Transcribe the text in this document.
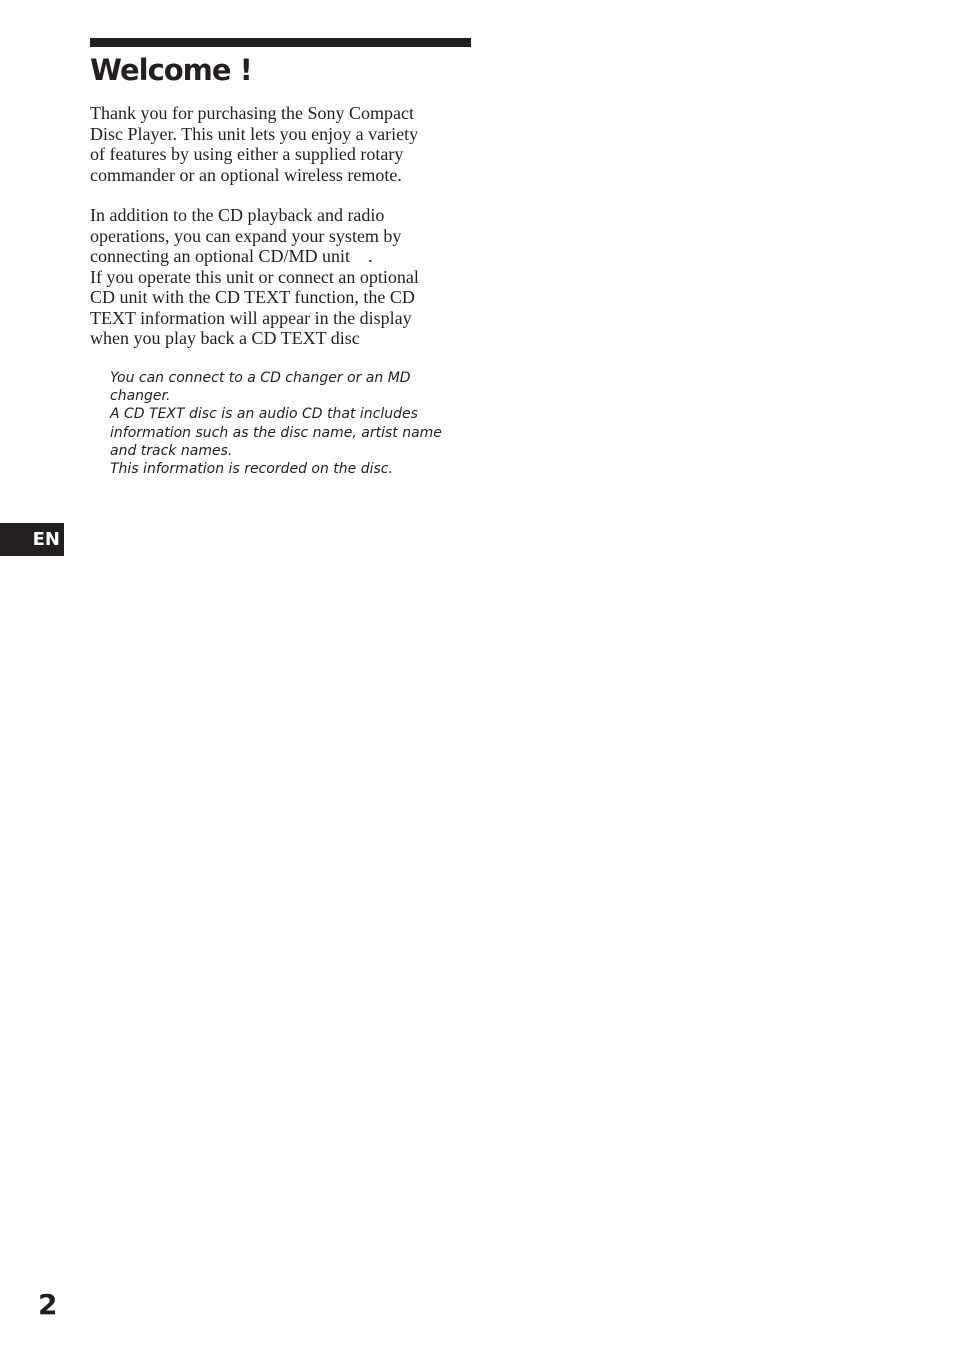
Welcome !

Thank you for purchasing the Sony Compact
Disc Player. This unit lets you enjoy a variety
of features by using either a supplied rotary
commander or an optional wireless remote.

In addition to the CD playback and radio
operations, you can expand your system by
connecting an optional CD/MD unit    .
If you operate this unit or connect an optional
CD unit with the CD TEXT function, the CD
TEXT information will appear in the display
when you play back a CD TEXT disc

You can connect to a CD changer or an MD
changer.
A CD TEXT disc is an audio CD that includes
information such as the disc name, artist name
and track names.
This information is recorded on the disc.
EN
2
